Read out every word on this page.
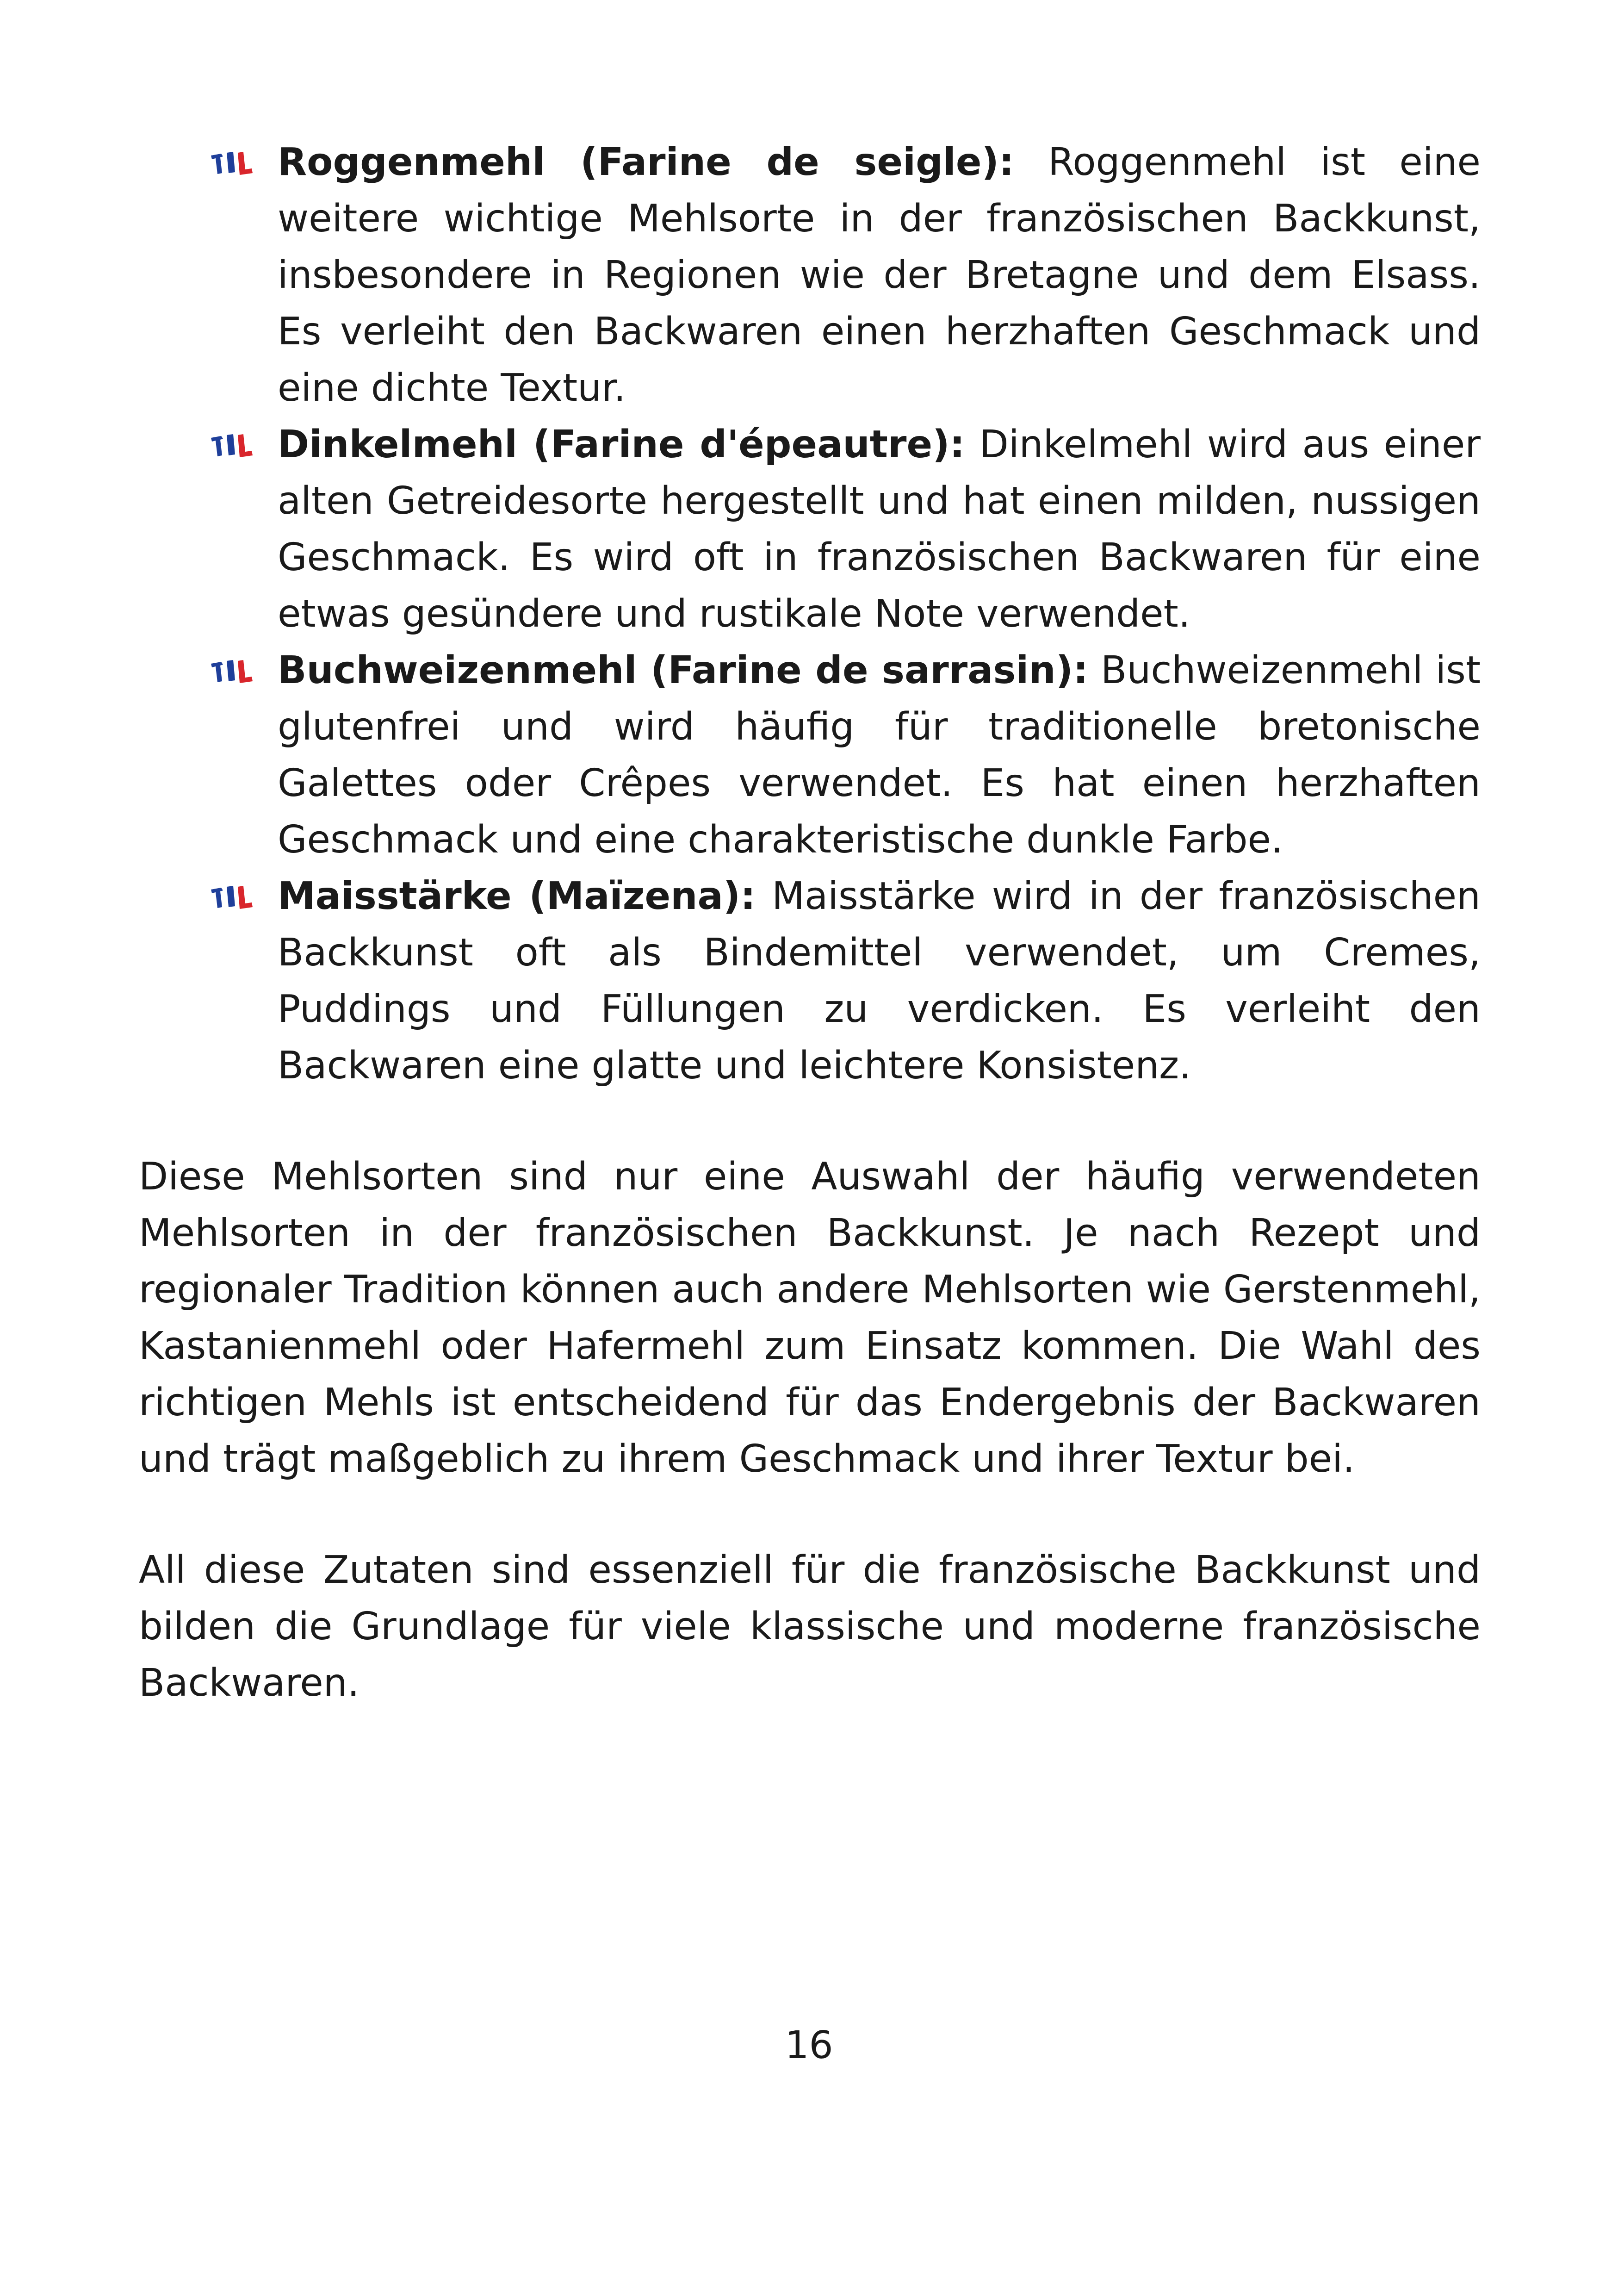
Roggenmehl (Farine de seigle): Roggenmehl ist eine weitere wichtige Mehlsorte in der französischen Backkunst, insbesondere in Regionen wie der Bretagne und dem Elsass. Es verleiht den Backwaren einen herzhaften Geschmack und eine dichte Textur.
Dinkelmehl (Farine d'épeautre): Dinkelmehl wird aus einer alten Getreidesorte hergestellt und hat einen milden, nussigen Geschmack. Es wird oft in französischen Backwaren für eine etwas gesündere und rustikale Note verwendet.
Buchweizenmehl (Farine de sarrasin): Buchweizenmehl ist glutenfrei und wird häufig für traditionelle bretonische Galettes oder Crêpes verwendet. Es hat einen herzhaften Geschmack und eine charakteristische dunkle Farbe.
Maisstärke (Maïzena): Maisstärke wird in der französischen Backkunst oft als Bindemittel verwendet, um Cremes, Puddings und Füllungen zu verdicken. Es verleiht den Backwaren eine glatte und leichtere Konsistenz.

Diese Mehlsorten sind nur eine Auswahl der häufig verwendeten Mehlsorten in der französischen Backkunst. Je nach Rezept und regionaler Tradition können auch andere Mehlsorten wie Gerstenmehl, Kastanienmehl oder Hafermehl zum Einsatz kommen. Die Wahl des richtigen Mehls ist entscheidend für das Endergebnis der Backwaren und trägt maßgeblich zu ihrem Geschmack und ihrer Textur bei.

All diese Zutaten sind essenziell für die französische Backkunst und bilden die Grundlage für viele klassische und moderne französische Backwaren.

16
